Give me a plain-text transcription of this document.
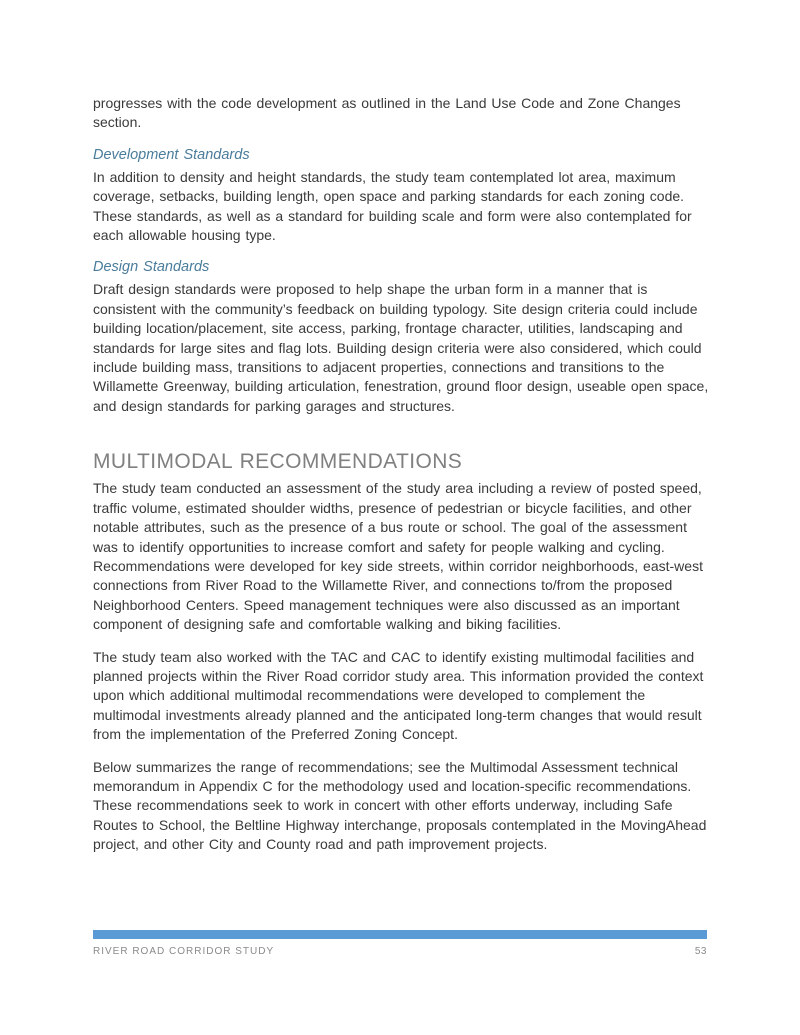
progresses with the code development as outlined in the Land Use Code and Zone Changes section.

Development Standards

In addition to density and height standards, the study team contemplated lot area, maximum coverage, setbacks, building length, open space and parking standards for each zoning code. These standards, as well as a standard for building scale and form were also contemplated for each allowable housing type.

Design Standards

Draft design standards were proposed to help shape the urban form in a manner that is consistent with the community’s feedback on building typology. Site design criteria could include building location/placement, site access, parking, frontage character, utilities, landscaping and standards for large sites and flag lots. Building design criteria were also considered, which could include building mass, transitions to adjacent properties, connections and transitions to the Willamette Greenway, building articulation, fenestration, ground floor design, useable open space, and design standards for parking garages and structures.

MULTIMODAL RECOMMENDATIONS

The study team conducted an assessment of the study area including a review of posted speed, traffic volume, estimated shoulder widths, presence of pedestrian or bicycle facilities, and other notable attributes, such as the presence of a bus route or school. The goal of the assessment was to identify opportunities to increase comfort and safety for people walking and cycling. Recommendations were developed for key side streets, within corridor neighborhoods, east-west connections from River Road to the Willamette River, and connections to/from the proposed Neighborhood Centers. Speed management techniques were also discussed as an important component of designing safe and comfortable walking and biking facilities.

The study team also worked with the TAC and CAC to identify existing multimodal facilities and planned projects within the River Road corridor study area. This information provided the context upon which additional multimodal recommendations were developed to complement the multimodal investments already planned and the anticipated long-term changes that would result from the implementation of the Preferred Zoning Concept.

Below summarizes the range of recommendations; see the Multimodal Assessment technical memorandum in Appendix C for the methodology used and location-specific recommendations. These recommendations seek to work in concert with other efforts underway, including Safe Routes to School, the Beltline Highway interchange, proposals contemplated in the MovingAhead project, and other City and County road and path improvement projects.

RIVER ROAD CORRIDOR STUDY	53
